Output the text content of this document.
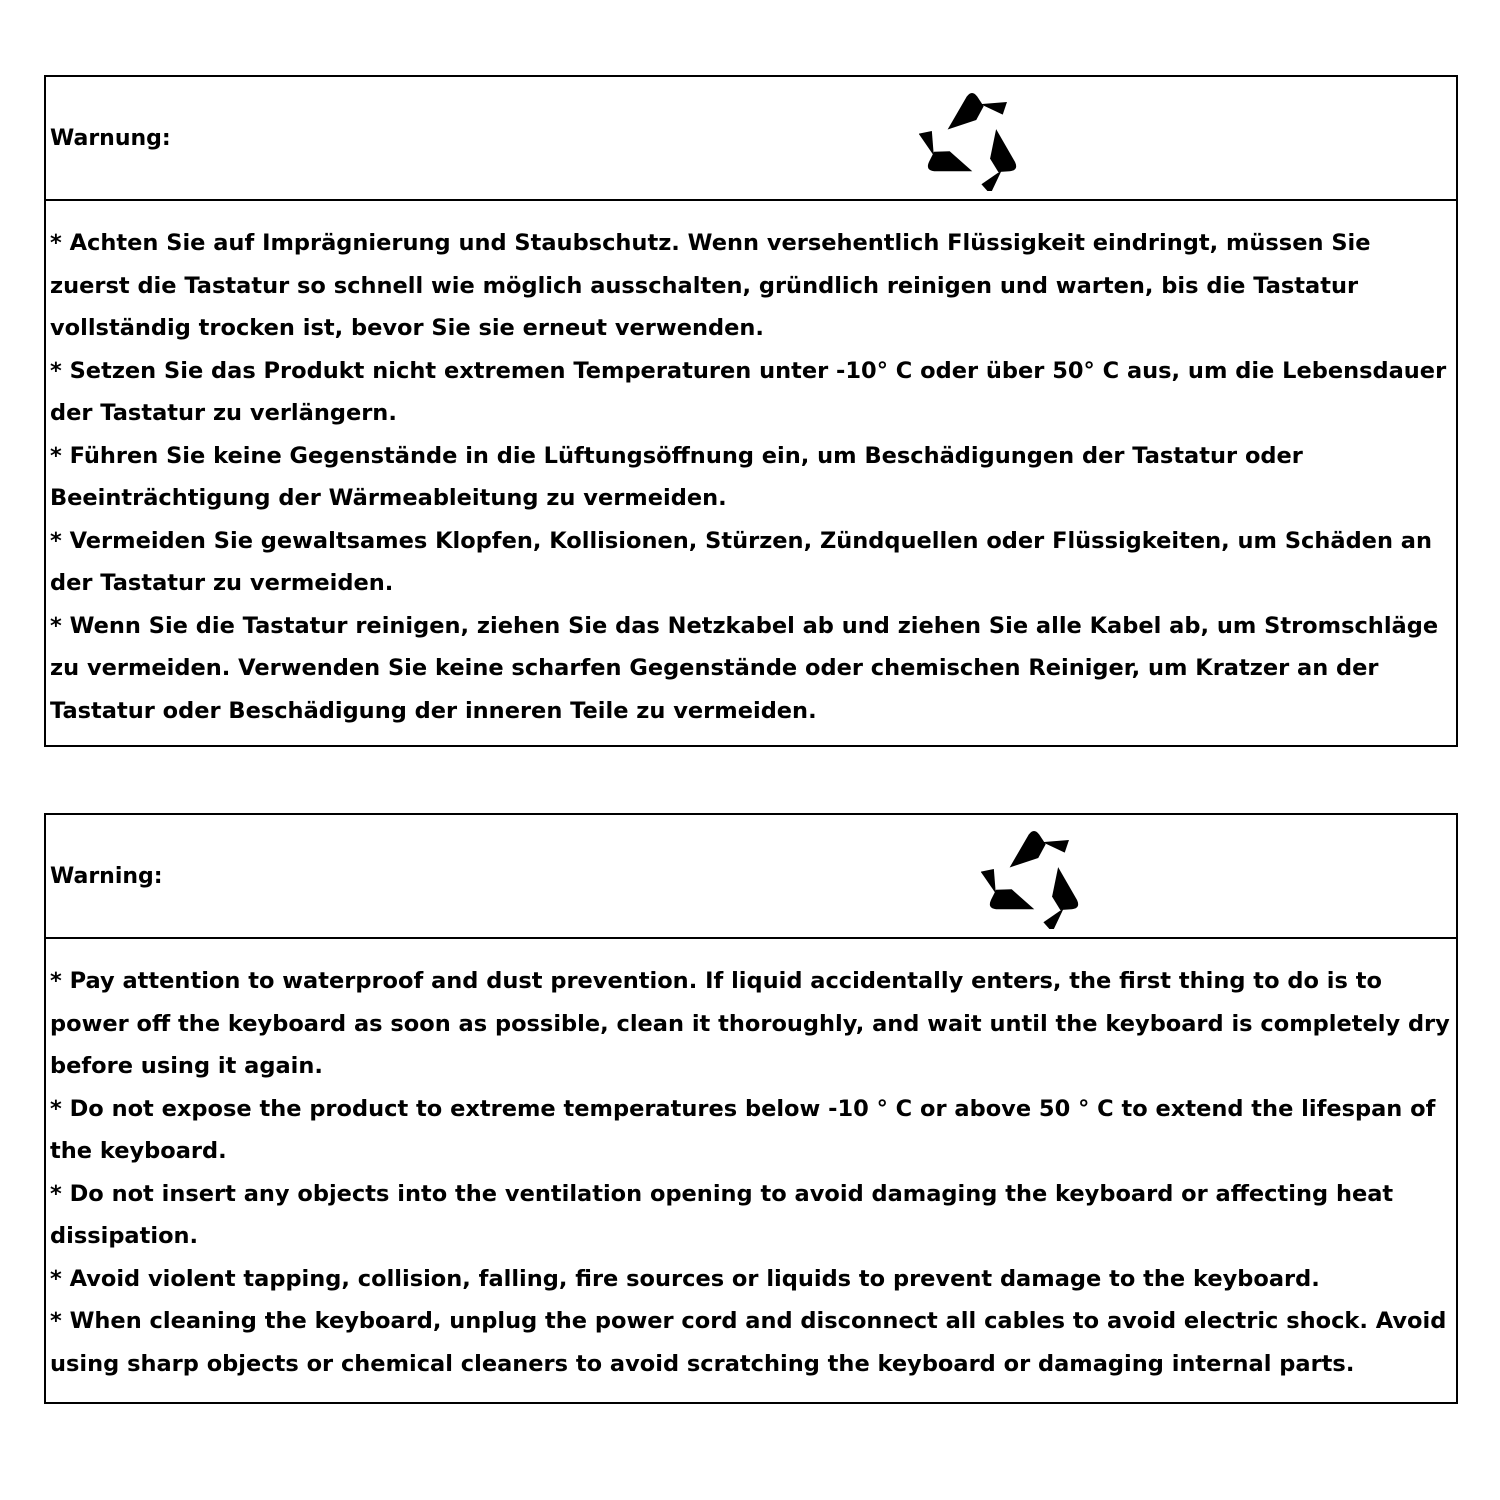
Warnung:

* Achten Sie auf Imprägnierung und Staubschutz. Wenn versehentlich Flüssigkeit eindringt, müssen Sie zuerst die Tastatur so schnell wie möglich ausschalten, gründlich reinigen und warten, bis die Tastatur vollständig trocken ist, bevor Sie sie erneut verwenden.

* Setzen Sie das Produkt nicht extremen Temperaturen unter -10° C oder über 50° C aus, um die Lebensdauer der Tastatur zu verlängern.

* Führen Sie keine Gegenstände in die Lüftungsöffnung ein, um Beschädigungen der Tastatur oder Beeinträchtigung der Wärmeableitung zu vermeiden.

* Vermeiden Sie gewaltsames Klopfen, Kollisionen, Stürzen, Zündquellen oder Flüssigkeiten, um Schäden an der Tastatur zu vermeiden.

* Wenn Sie die Tastatur reinigen, ziehen Sie das Netzkabel ab und ziehen Sie alle Kabel ab, um Stromschläge zu vermeiden. Verwenden Sie keine scharfen Gegenstände oder chemischen Reiniger, um Kratzer an der Tastatur oder Beschädigung der inneren Teile zu vermeiden.

Warning:

* Pay attention to waterproof and dust prevention. If liquid accidentally enters, the first thing to do is to power off the keyboard as soon as possible, clean it thoroughly, and wait until the keyboard is completely dry before using it again.

* Do not expose the product to extreme temperatures below -10 ° C or above 50 ° C to extend the lifespan of the keyboard.

* Do not insert any objects into the ventilation opening to avoid damaging the keyboard or affecting heat dissipation.

* Avoid violent tapping, collision, falling, fire sources or liquids to prevent damage to the keyboard.

* When cleaning the keyboard, unplug the power cord and disconnect all cables to avoid electric shock. Avoid using sharp objects or chemical cleaners to avoid scratching the keyboard or damaging internal parts.
